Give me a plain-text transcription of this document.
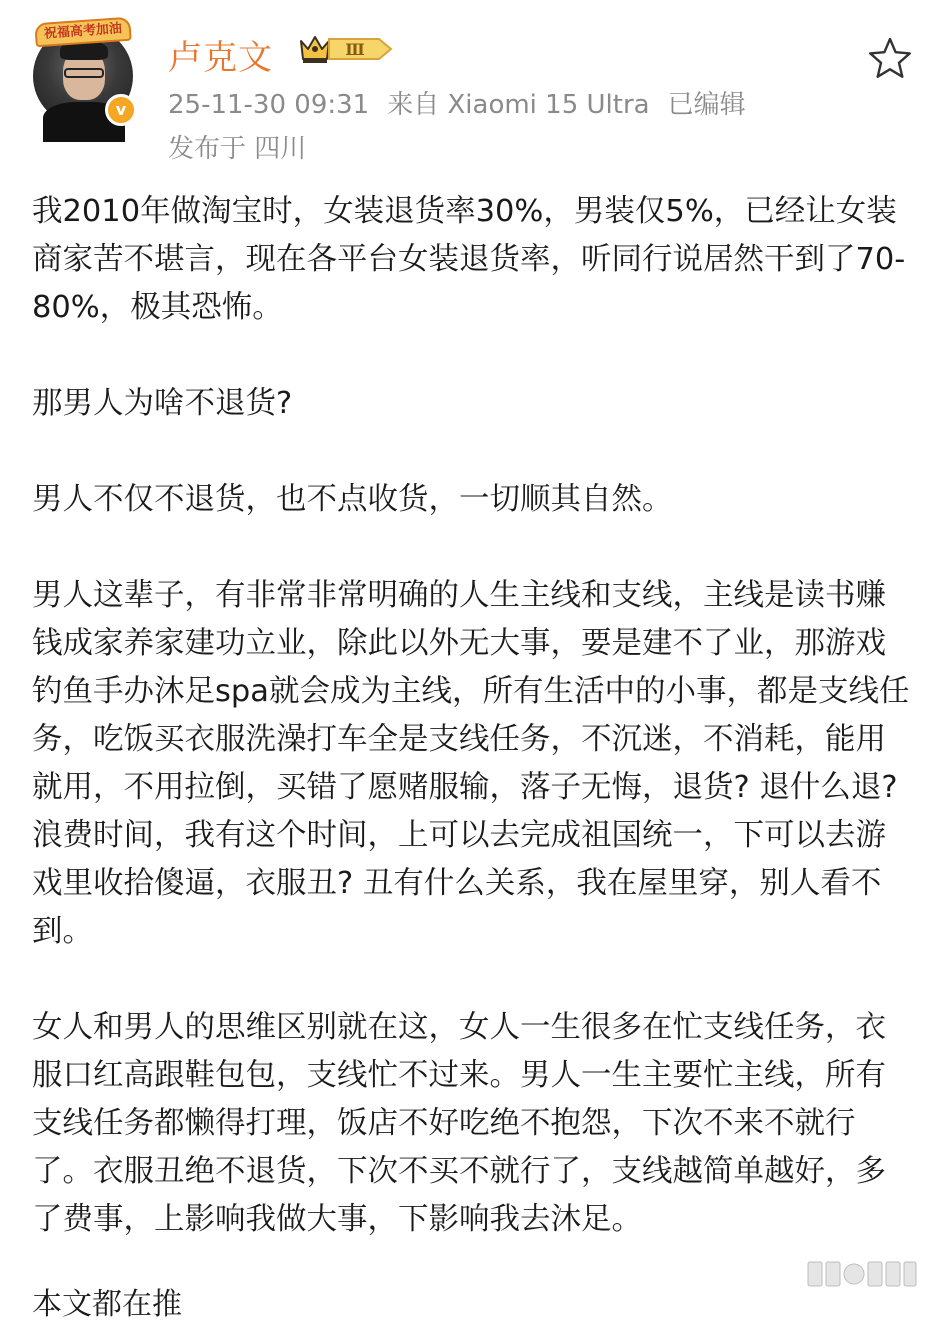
祝福高考加油
v
卢克文	Ⅲ
25-11-30 09:31 来自 Xiaomi 15 Ultra 已编辑
发布于 四川

我2010年做淘宝时，女装退货率30%，男装仅5%，已经让女装商家苦不堪言，现在各平台女装退货率，听同行说居然干到了70-80%，极其恐怖。

那男人为啥不退货?

男人不仅不退货，也不点收货，一切顺其自然。

男人这辈子，有非常非常明确的人生主线和支线，主线是读书赚钱成家养家建功立业，除此以外无大事，要是建不了业，那游戏钓鱼手办沐足spa就会成为主线，所有生活中的小事，都是支线任务，吃饭买衣服洗澡打车全是支线任务，不沉迷，不消耗，能用就用，不用拉倒，买错了愿赌服输，落子无悔，退货? 退什么退? 浪费时间，我有这个时间，上可以去完成祖国统一，下可以去游戏里收拾傻逼，衣服丑? 丑有什么关系，我在屋里穿，别人看不到。

女人和男人的思维区别就在这，女人一生很多在忙支线任务，衣服口红高跟鞋包包，支线忙不过来。男人一生主要忙主线，所有支线任务都懒得打理，饭店不好吃绝不抱怨，下次不来不就行了。衣服丑绝不退货，下次不买不就行了，支线越简单越好，多了费事，上影响我做大事，下影响我去沐足。

本文都在推
